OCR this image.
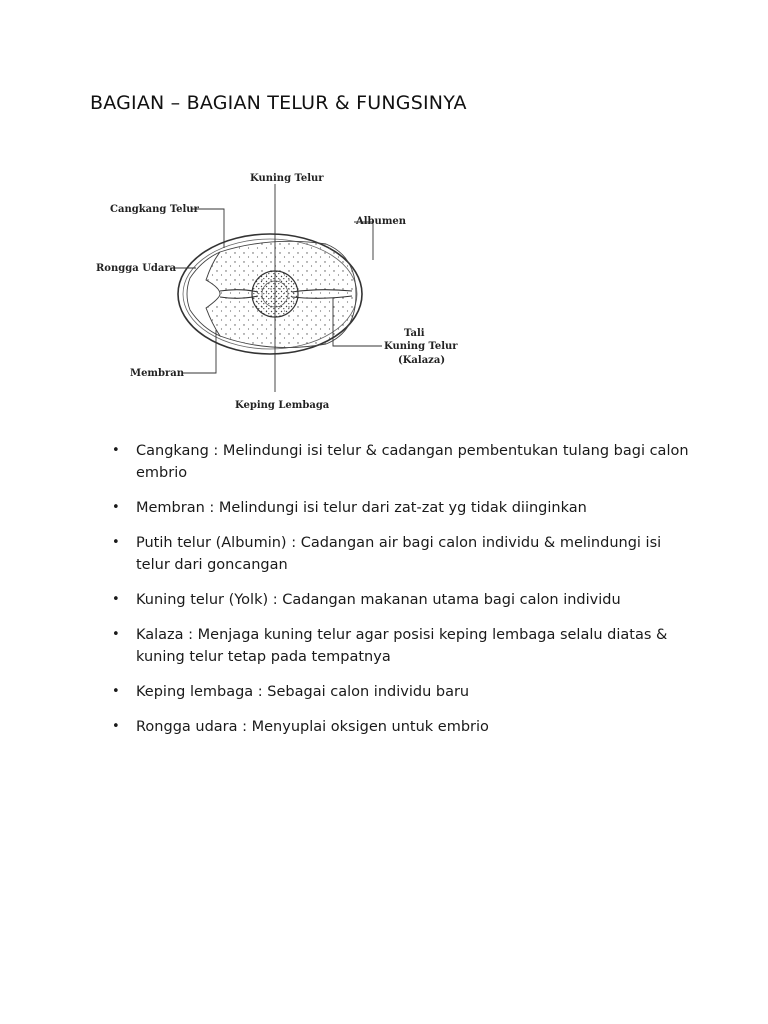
BAGIAN – BAGIAN TELUR & FUNGSINYA
Kuning Telur
Cangkang Telur
Albumen
Rongga Udara
Tali
Kuning Telur
(Kalaza)
Membran
Keping Lembaga
• Cangkang : Melindungi isi telur & cadangan pembentukan tulang bagi calon embrio
• Membran : Melindungi isi telur dari zat-zat yg tidak diinginkan
• Putih telur (Albumin) : Cadangan air bagi calon individu & melindungi isi telur dari goncangan
• Kuning telur (Yolk) : Cadangan makanan utama bagi calon individu
• Kalaza : Menjaga kuning telur agar posisi keping lembaga selalu diatas & kuning telur tetap pada tempatnya
• Keping lembaga : Sebagai calon individu baru
• Rongga udara : Menyuplai oksigen untuk embrio
